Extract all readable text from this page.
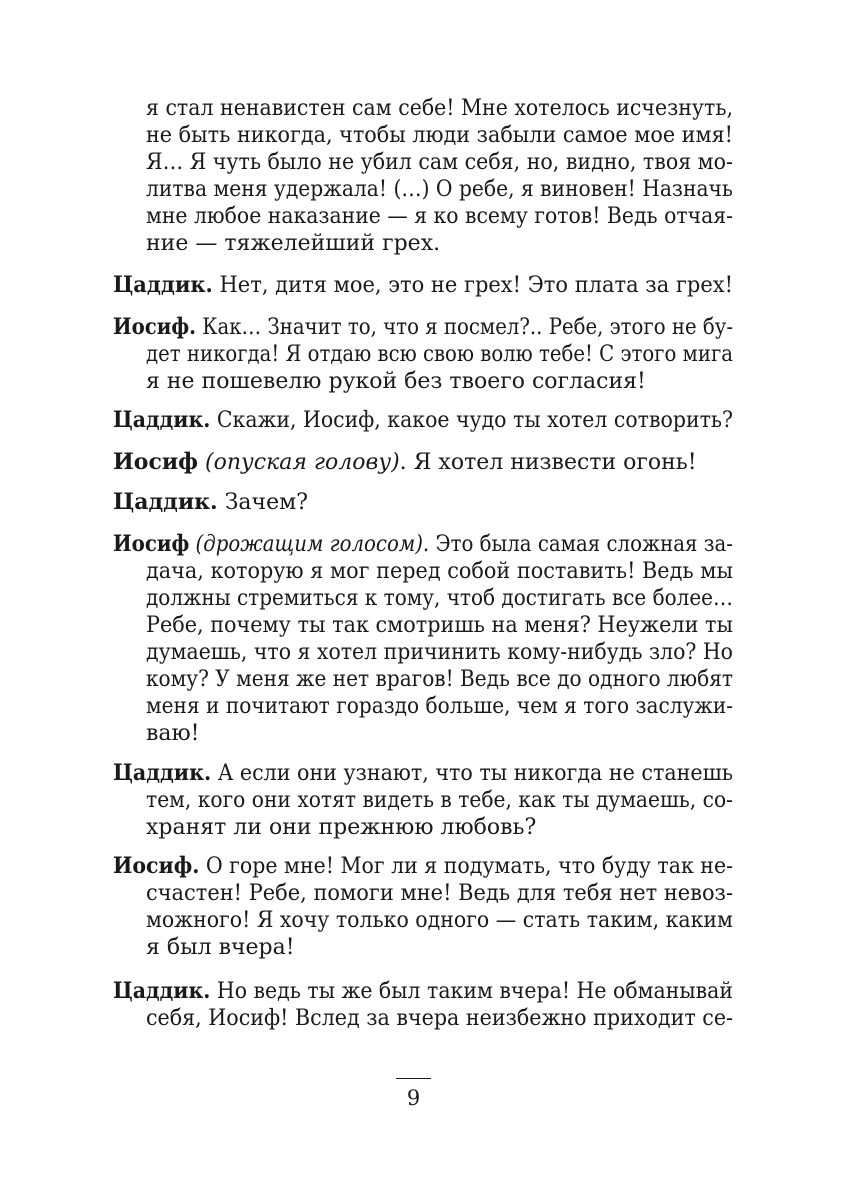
я стал ненавистен сам себе! Мне хотелось исчезнуть,
не быть никогда, чтобы люди забыли самое мое имя!
Я… Я чуть было не убил сам себя, но, видно, твоя мо-
литва меня удержала! (…) О ребе, я виновен! Назначь
мне любое наказание — я ко всему готов! Ведь отчая-
ние — тяжелейший грех.

Цаддик. Нет, дитя мое, это не грех! Это плата за грех!

Иосиф. Как… Значит то, что я посмел?.. Ребе, этого не бу-
дет никогда! Я отдаю всю свою волю тебе! С этого мига
я не пошевелю рукой без твоего согласия!

Цаддик. Скажи, Иосиф, какое чудо ты хотел сотворить?

Иосиф (опуская голову). Я хотел низвести огонь!

Цаддик. Зачем?

Иосиф (дрожащим голосом). Это была самая сложная за-
дача, которую я мог перед собой поставить! Ведь мы
должны стремиться к тому, чтоб достигать все более…
Ребе, почему ты так смотришь на меня? Неужели ты
думаешь, что я хотел причинить кому-нибудь зло? Но
кому? У меня же нет врагов! Ведь все до одного любят
меня и почитают гораздо больше, чем я того заслужи-
ваю!

Цаддик. А если они узнают, что ты никогда не станешь
тем, кого они хотят видеть в тебе, как ты думаешь, со-
хранят ли они прежнюю любовь?

Иосиф. О горе мне! Мог ли я подумать, что буду так не-
счастен! Ребе, помоги мне! Ведь для тебя нет невоз-
можного! Я хочу только одного — стать таким, каким
я был вчера!

Цаддик. Но ведь ты же был таким вчера! Не обманывай
себя, Иосиф! Вслед за вчера неизбежно приходит се-

9
